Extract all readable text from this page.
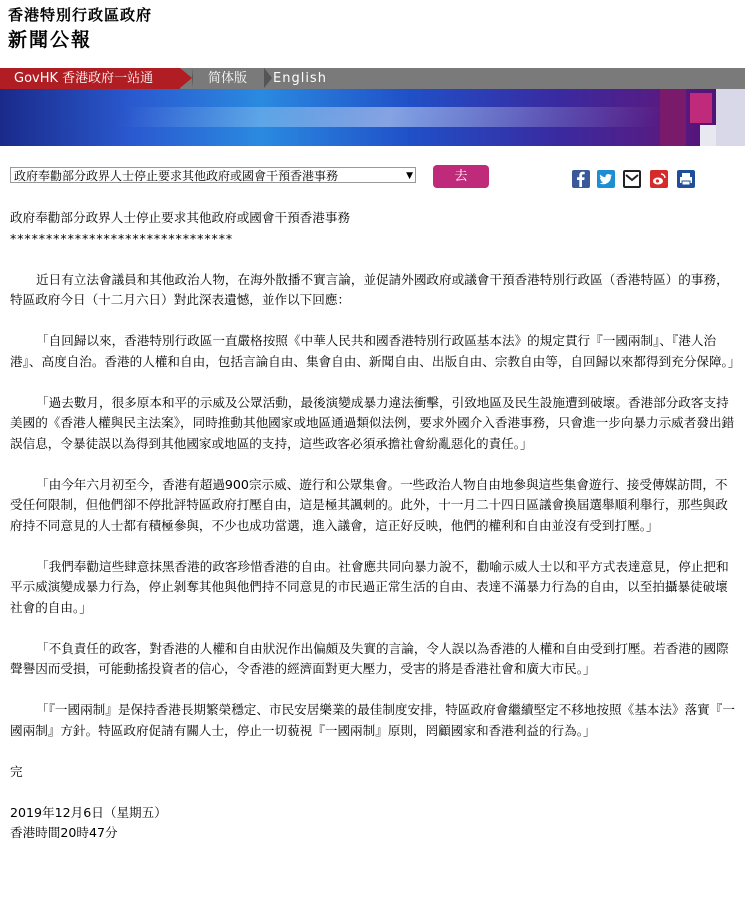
香港特別行政區政府

新聞公報

GovHK 香港政府一站通	简体版 English
政府奉勸部分政界人士停止要求其他政府或國會干預香港事務	▼	去

政府奉勸部分政界人士停止要求其他政府或國會干預香港事務

*******************************

近日有立法會議員和其他政治人物，在海外散播不實言論，並促請外國政府或議會干預香港特別行政區（香港特區）的事務，特區政府今日（十二月六日）對此深表遺憾，並作以下回應：

「自回歸以來，香港特別行政區一直嚴格按照《中華人民共和國香港特別行政區基本法》的規定貫行『一國兩制』、『港人治港』、高度自治。香港的人權和自由，包括言論自由、集會自由、新聞自由、出版自由、宗教自由等，自回歸以來都得到充分保障。」

「過去數月，很多原本和平的示威及公眾活動，最後演變成暴力違法衝擊，引致地區及民生設施遭到破壞。香港部分政客支持美國的《香港人權與民主法案》，同時推動其他國家或地區通過類似法例，要求外國介入香港事務，只會進一步向暴力示威者發出錯誤信息，令暴徒誤以為得到其他國家或地區的支持，這些政客必須承擔社會紛亂惡化的責任。」

「由今年六月初至今，香港有超過900宗示威、遊行和公眾集會。一些政治人物自由地參與這些集會遊行、接受傳媒訪問，不受任何限制，但他們卻不停批評特區政府打壓自由，這是極其諷刺的。此外，十一月二十四日區議會換屆選舉順利舉行，那些與政府持不同意見的人士都有積極參與，不少也成功當選，進入議會，這正好反映，他們的權利和自由並沒有受到打壓。」

「我們奉勸這些肆意抹黑香港的政客珍惜香港的自由。社會應共同向暴力說不，勸喻示威人士以和平方式表達意見，停止把和平示威演變成暴力行為，停止剝奪其他與他們持不同意見的市民過正常生活的自由、表達不滿暴力行為的自由，以至拍攝暴徒破壞社會的自由。」

「不負責任的政客，對香港的人權和自由狀況作出偏頗及失實的言論，令人誤以為香港的人權和自由受到打壓。若香港的國際聲譽因而受損，可能動搖投資者的信心，令香港的經濟面對更大壓力，受害的將是香港社會和廣大市民。」

「『一國兩制』是保持香港長期繁榮穩定、市民安居樂業的最佳制度安排，特區政府會繼續堅定不移地按照《基本法》落實『一國兩制』方針。特區政府促請有關人士，停止一切藐視『一國兩制』原則，罔顧國家和香港利益的行為。」

完

2019年12月6日（星期五）

香港時間20時47分
